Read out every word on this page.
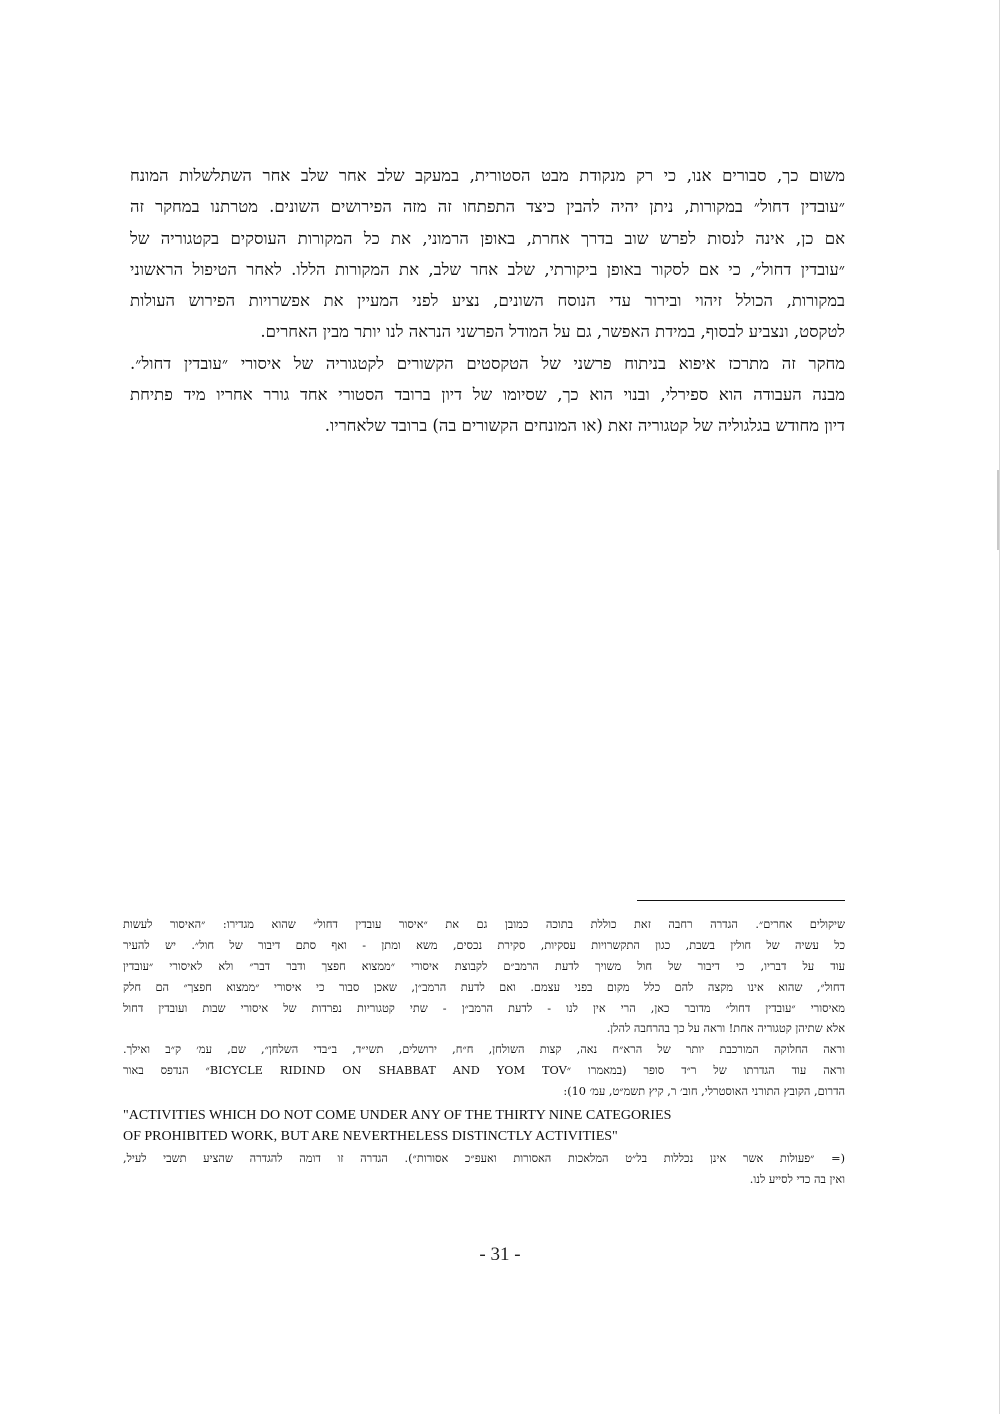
משום כך, סבורים אנו, כי רק מנקודת מבט הסטורית, במעקב שלב אחר שלב אחר השתלשלות המונח
״עובדין דחול״ במקורות, ניתן יהיה להבין כיצד התפתחו זה מזה הפירושים השונים. מטרתנו במחקר זה
אם כן, אינה לנסות לפרש שוב בדרך אחרת, באופן הרמוני, את כל המקורות העוסקים בקטגוריה של
״עובדין דחול״, כי אם לסקור באופן ביקורתי, שלב אחר שלב, את המקורות הללו. לאחר הטיפול הראשוני
במקורות, הכולל זיהוי ובירור עדי הנוסח השונים, נציע לפני המעיין את אפשרויות הפירוש העולות
לטקסט, ונצביע לבסוף, במידת האפשר, גם על המודל הפרשני הנראה לנו יותר מבין האחרים.
מחקר זה מתרכז איפוא בניתוח פרשני של הטקסטים הקשורים לקטגוריה של איסורי ״עובדין דחול״.
מבנה העבודה הוא ספירלי, ובנוי הוא כך, שסיומו של דיון ברובד הסטורי אחד גורר אחריו מיד פתיחת
דיון מחודש בגלגוליה של קטגוריה זאת (או המונחים הקשורים בה) ברובד שלאחריו.
שיקולים אחרים״. הגדרה רחבה זאת כוללת בתוכה כמובן גם את ״איסור עובדין דחול״ שהוא מגדירו: ״האיסור לעשות
כל עשיה של חולין בשבת, כגון התקשרויות עסקיות, סקירת נכסים, משא ומתן - ואף סתם דיבור של חול״. יש להעיר
עוד על דבריו, כי דיבור של חול משויך לדעת הרמב״ם לקבוצת איסורי ״ממצוא חפצך ודבר דבר״ ולא לאיסורי ״עובדין
דחול״, שהוא אינו מקצה להם כלל מקום בפני עצמם. ואם לדעת הרמב״ן, שאכן סבור כי איסורי ״ממצוא חפצך״ הם חלק
מאיסורי ״עובדין דחול״ מדובר כאן, הרי אין לנו - לדעת הרמב״ן - שתי קטגוריות נפרדות של איסורי שבות ועובדין דחול
אלא שתיהן קטגוריה אחת! וראה על כך בהרחבה להלן.
וראה החלוקה המורכבת יותר של הרא״ח נאה, קצות השולחן, ח״ח, ירושלים, תשי״ד, ב״בדי השלחן״, שם, עמ׳ ק״ב ואילך.
וראה עוד הגדרתו של ר״ד סופר (במאמרו ״BICYCLE RIDIND ON SHABBAT AND YOM TOV״ הנדפס באור
הדרום, הקובץ התורני האוסטרלי, חוב׳ ר, קיץ תשמ״ט, עמ׳ 10):
"ACTIVITIES WHICH DO NOT COME UNDER ANY OF THE THIRTY NINE CATEGORIES
OF PROHIBITED WORK, BUT ARE NEVERTHELESS DISTINCTLY ACTIVITIES"
(= ״פעולות אשר אינן נכללות בל״ט המלאכות האסורות ואעפ״כ אסורות״). הגדרה זו דומה להגדרה שהציע תשבי לעיל,
ואין בה כדי לסייע לנו.
- 31 -
